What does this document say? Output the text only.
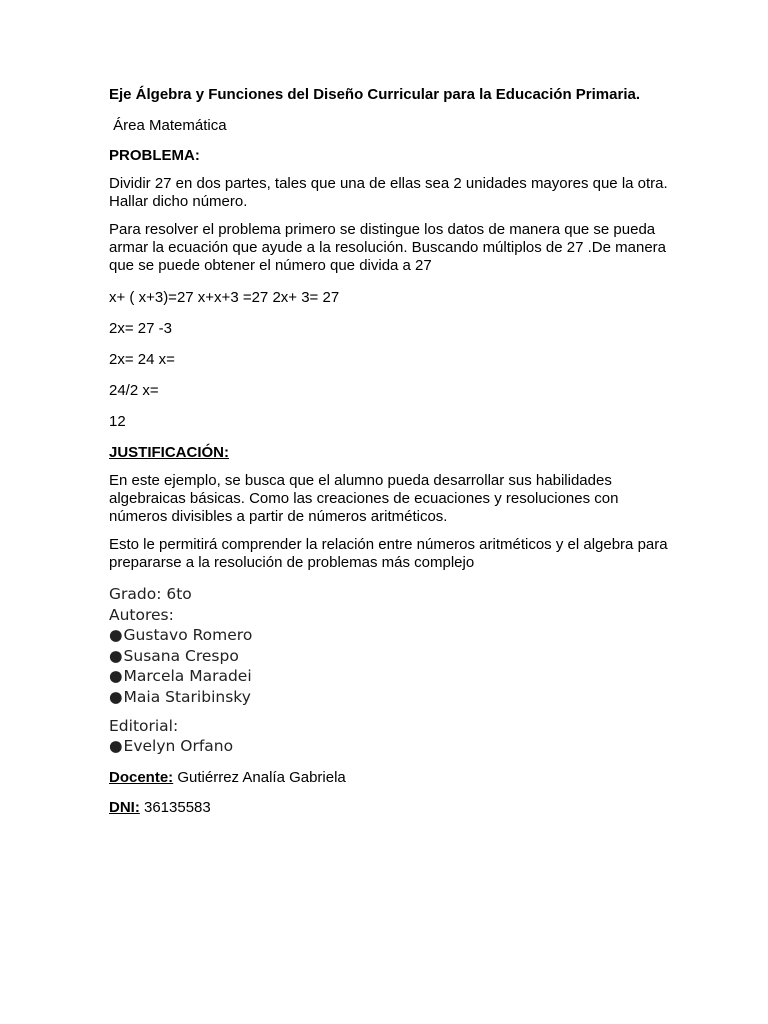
Eje Álgebra y Funciones del Diseño Curricular para la Educación Primaria.

Área Matemática

PROBLEMA:

Dividir 27 en dos partes, tales que una de ellas sea 2 unidades mayores que la otra. Hallar dicho número.

Para resolver el problema primero se distingue los datos de manera que se pueda armar la ecuación que ayude a la resolución. Buscando múltiplos de 27 .De manera que se puede obtener el número que divida a 27

x+ ( x+3)=27 x+x+3 =27 2x+ 3= 27

2x= 27 -3

2x= 24 x=

24/2 x=

12

JUSTIFICACIÓN:

En este ejemplo, se busca que el alumno pueda desarrollar sus habilidades algebraicas básicas. Como las creaciones de ecuaciones y resoluciones con números divisibles a partir de números aritméticos.

Esto le permitirá comprender la relación entre números aritméticos y el algebra para prepararse a la resolución de problemas más complejo

Grado: 6to

Autores:

●Gustavo Romero

●Susana Crespo

●Marcela Maradei

●Maia Staribinsky

Editorial:

●Evelyn Orfano

Docente: Gutiérrez Analía Gabriela

DNI: 36135583
